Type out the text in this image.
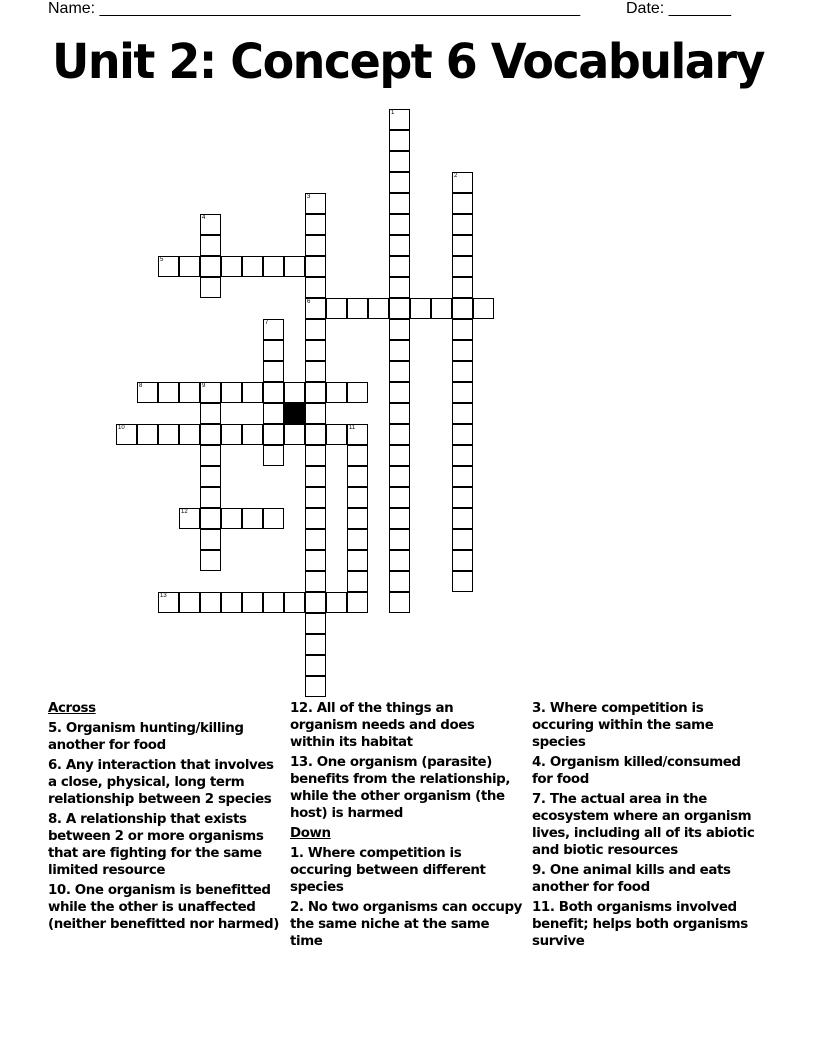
Name: ______________________________________________________	Date: _______
Unit 2: Concept 6 Vocabulary
1
2
3
6
4
5
7
8	9
10	11
12
13
Across
5. Organism hunting/killing another for food
6. Any interaction that involves a close, physical, long term relationship between 2 species
8. A relationship that exists between 2 or more organisms that are fighting for the same limited resource
10. One organism is benefitted while the other is unaffected (neither benefitted nor harmed)
12. All of the things an organism needs and does within its habitat
13. One organism (parasite) benefits from the relationship, while the other organism (the host) is harmed
Down
1. Where competition is occuring between different species
2. No two organisms can occupy the same niche at the same time
3. Where competition is occuring within the same species
4. Organism killed/consumed for food
7. The actual area in the ecosystem where an organism lives, including all of its abiotic and biotic resources
9. One animal kills and eats another for food
11. Both organisms involved benefit; helps both organisms survive
